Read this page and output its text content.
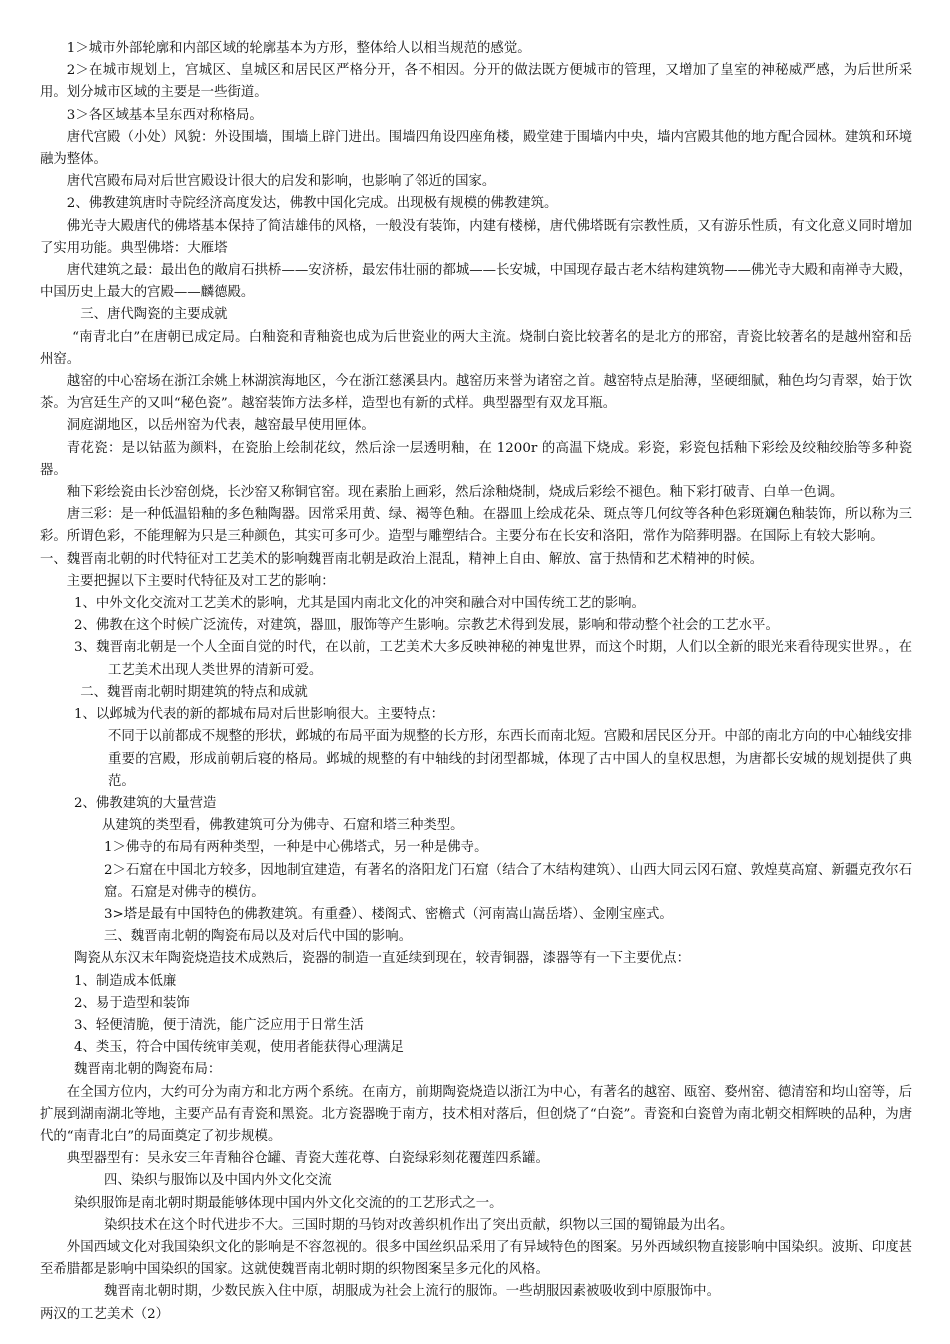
1＞城市外部轮廓和内部区域的轮廓基本为方形，整体给人以相当规范的感觉。

2＞在城市规划上，宫城区、皇城区和居民区严格分开，各不相因。分开的做法既方便城市的管理，又增加了皇室的神秘威严感，为后世所采用。划分城市区域的主要是一些街道。

3＞各区域基本呈东西对称格局。

唐代宫殿（小处）风貌：外设围墙，围墙上辟门进出。围墙四角设四座角楼，殿堂建于围墙内中央，墙内宫殿其他的地方配合园林。建筑和环境融为整体。

唐代宫殿布局对后世宫殿设计很大的启发和影响，也影响了邻近的国家。

2、佛教建筑唐时寺院经济高度发达，佛教中国化完成。出现极有规模的佛教建筑。

佛光寺大殿唐代的佛塔基本保持了简洁雄伟的风格，一般没有装饰，内建有楼梯，唐代佛塔既有宗教性质，又有游乐性质，有文化意义同时增加了实用功能。典型佛塔：大雁塔

唐代建筑之最：最出色的敞肩石拱桥——安济桥，最宏伟壮丽的都城——长安城，中国现存最古老木结构建筑物——佛光寺大殿和南禅寺大殿，中国历史上最大的宫殿——麟德殿。

三、唐代陶瓷的主要成就

“南青北白”在唐朝已成定局。白釉瓷和青釉瓷也成为后世瓷业的两大主流。烧制白瓷比较著名的是北方的邢窑，青瓷比较著名的是越州窑和岳州窑。

越窑的中心窑场在浙江余姚上林湖滨海地区，今在浙江慈溪县内。越窑历来誉为诸窑之首。越窑特点是胎薄，坚硬细腻，釉色均匀青翠，始于饮茶。为宫廷生产的又叫“秘色瓷”。越窑装饰方法多样，造型也有新的式样。典型器型有双龙耳瓶。

洞庭湖地区，以岳州窑为代表，越窑最早使用匣体。

青花瓷：是以钴蓝为颜料，在瓷胎上绘制花纹，然后涂一层透明釉，在 1200r 的高温下烧成。彩瓷，彩瓷包括釉下彩绘及绞釉绞胎等多种瓷器。

釉下彩绘瓷由长沙窑创烧，长沙窑又称铜官窑。现在素胎上画彩，然后涂釉烧制，烧成后彩绘不褪色。釉下彩打破青、白单一色调。

唐三彩：是一种低温铅釉的多色釉陶器。因常采用黄、绿、褐等色釉。在器皿上绘成花朵、斑点等几何纹等各种色彩斑斓色釉装饰，所以称为三彩。所谓色彩，不能理解为只是三种颜色，其实可多可少。造型与雕塑结合。主要分布在长安和洛阳，常作为陪葬明器。在国际上有较大影响。

一、魏晋南北朝的时代特征对工艺美术的影响魏晋南北朝是政治上混乱，精神上自由、解放、富于热情和艺术精神的时候。

主要把握以下主要时代特征及对工艺的影响：

1、中外文化交流对工艺美术的影响，尤其是国内南北文化的冲突和融合对中国传统工艺的影响。

2、佛教在这个时候广泛流传，对建筑，器皿，服饰等产生影响。宗教艺术得到发展，影响和带动整个社会的工艺水平。

3、魏晋南北朝是一个人全面自觉的时代，在以前，工艺美术大多反映神秘的神鬼世界，而这个时期，人们以全新的眼光来看待现实世界。，在工艺美术出现人类世界的清新可爱。

二、魏晋南北朝时期建筑的特点和成就

1、以邺城为代表的新的都城布局对后世影响很大。主要特点：

不同于以前都成不规整的形状，邺城的布局平面为规整的长方形，东西长而南北短。宫殿和居民区分开。中部的南北方向的中心轴线安排重要的宫殿，形成前朝后寝的格局。邺城的规整的有中轴线的封闭型都城，体现了古中国人的皇权思想，为唐都长安城的规划提供了典范。

2、佛教建筑的大量营造

从建筑的类型看，佛教建筑可分为佛寺、石窟和塔三种类型。

1＞佛寺的布局有两种类型，一种是中心佛塔式，另一种是佛寺。

2＞石窟在中国北方较多，因地制宜建造，有著名的洛阳龙门石窟（结合了木结构建筑）、山西大同云冈石窟、敦煌莫高窟、新疆克孜尔石窟。石窟是对佛寺的模仿。

3>塔是最有中国特色的佛教建筑。有重叠）、楼阁式、密檐式（河南嵩山嵩岳塔）、金刚宝座式。

三、魏晋南北朝的陶瓷布局以及对后代中国的影响。

陶瓷从东汉末年陶瓷烧造技术成熟后，瓷器的制造一直延续到现在，较青铜器，漆器等有一下主要优点：

1、制造成本低廉

2、易于造型和装饰

3、轻便清脆，便于清洗，能广泛应用于日常生活

4、类玉，符合中国传统审美观，使用者能获得心理满足

魏晋南北朝的陶瓷布局：

在全国方位内，大约可分为南方和北方两个系统。在南方，前期陶瓷烧造以浙江为中心，有著名的越窑、瓯窑、婺州窑、德清窑和均山窑等，后扩展到湖南湖北等地，主要产品有青瓷和黑瓷。北方瓷器晚于南方，技术相对落后，但创烧了“白瓷”。青瓷和白瓷曾为南北朝交相辉映的品种，为唐代的“南青北白”的局面奠定了初步规模。

典型器型有：吴永安三年青釉谷仓罐、青瓷大莲花尊、白瓷绿彩刻花覆莲四系罐。

四、染织与服饰以及中国内外文化交流

染织服饰是南北朝时期最能够体现中国内外文化交流的的工艺形式之一。

染织技术在这个时代进步不大。三国时期的马钧对改善织机作出了突出贡献，织物以三国的蜀锦最为出名。

外国西域文化对我国染织文化的影响是不容忽视的。很多中国丝织品采用了有异域特色的图案。另外西域织物直接影响中国染织。波斯、印度甚至希腊都是影响中国染织的国家。这就使魏晋南北朝时期的织物图案呈多元化的风格。

魏晋南北朝时期，少数民族入住中原，胡服成为社会上流行的服饰。一些胡服因素被吸收到中原服饰中。

两汉的工艺美术（2）
